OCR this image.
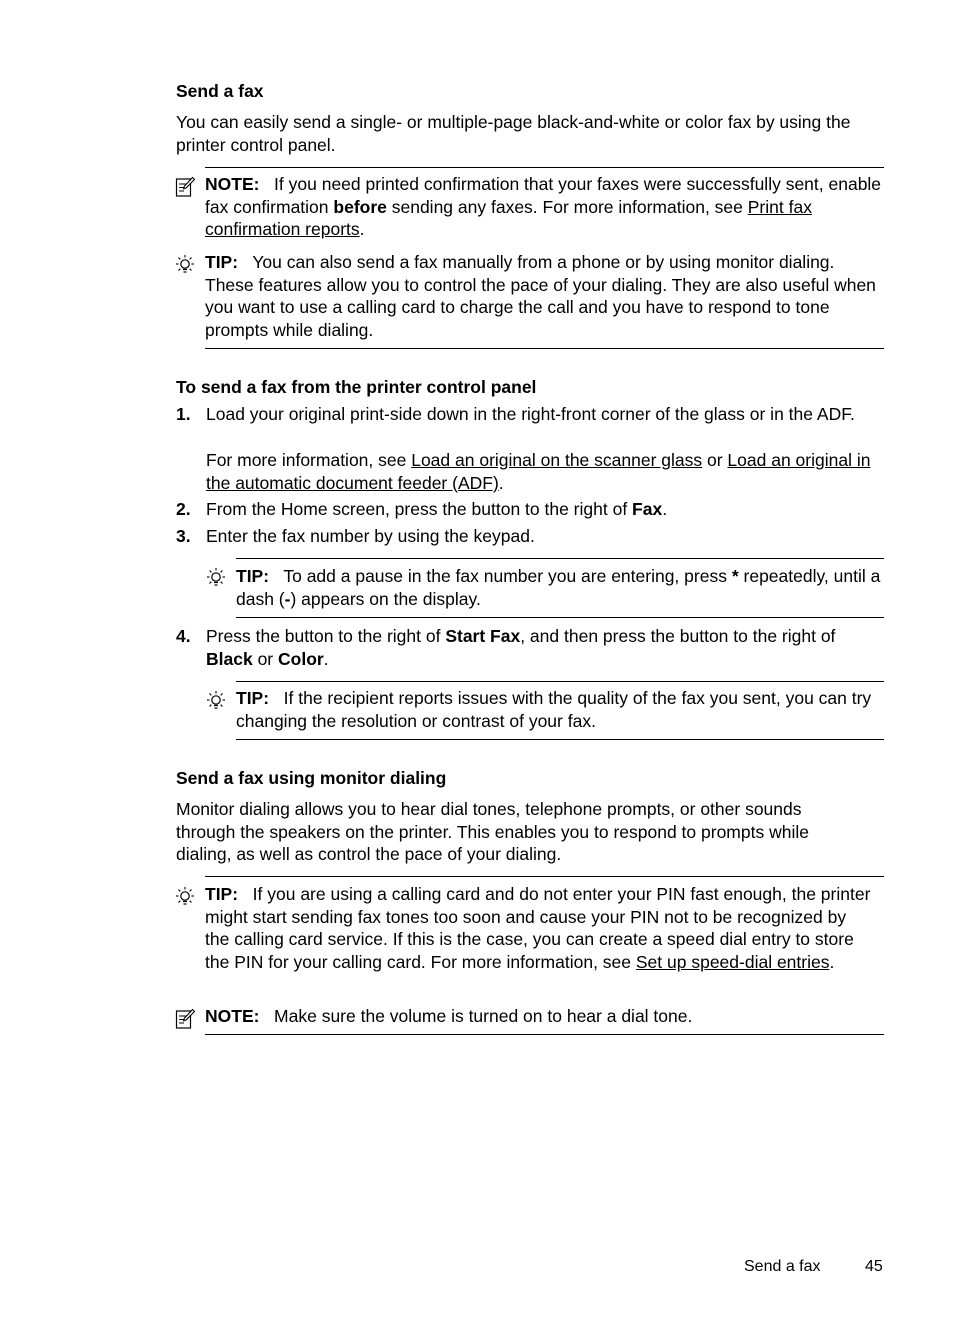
Send a fax
You can easily send a single- or multiple-page black-and-white or color fax by using the printer control panel.
NOTE: If you need printed confirmation that your faxes were successfully sent, enable fax confirmation before sending any faxes. For more information, see Print fax confirmation reports.
TIP: You can also send a fax manually from a phone or by using monitor dialing. These features allow you to control the pace of your dialing. They are also useful when you want to use a calling card to charge the call and you have to respond to tone prompts while dialing.
To send a fax from the printer control panel
1. Load your original print-side down in the right-front corner of the glass or in the ADF.
For more information, see Load an original on the scanner glass or Load an original in the automatic document feeder (ADF).
2. From the Home screen, press the button to the right of Fax.
3. Enter the fax number by using the keypad.
TIP: To add a pause in the fax number you are entering, press * repeatedly, until a dash (-) appears on the display.
4. Press the button to the right of Start Fax, and then press the button to the right of Black or Color.
TIP: If the recipient reports issues with the quality of the fax you sent, you can try changing the resolution or contrast of your fax.
Send a fax using monitor dialing
Monitor dialing allows you to hear dial tones, telephone prompts, or other sounds through the speakers on the printer. This enables you to respond to prompts while dialing, as well as control the pace of your dialing.
TIP: If you are using a calling card and do not enter your PIN fast enough, the printer might start sending fax tones too soon and cause your PIN not to be recognized by the calling card service. If this is the case, you can create a speed dial entry to store the PIN for your calling card. For more information, see Set up speed-dial entries.
NOTE: Make sure the volume is turned on to hear a dial tone.
Send a fax	45
